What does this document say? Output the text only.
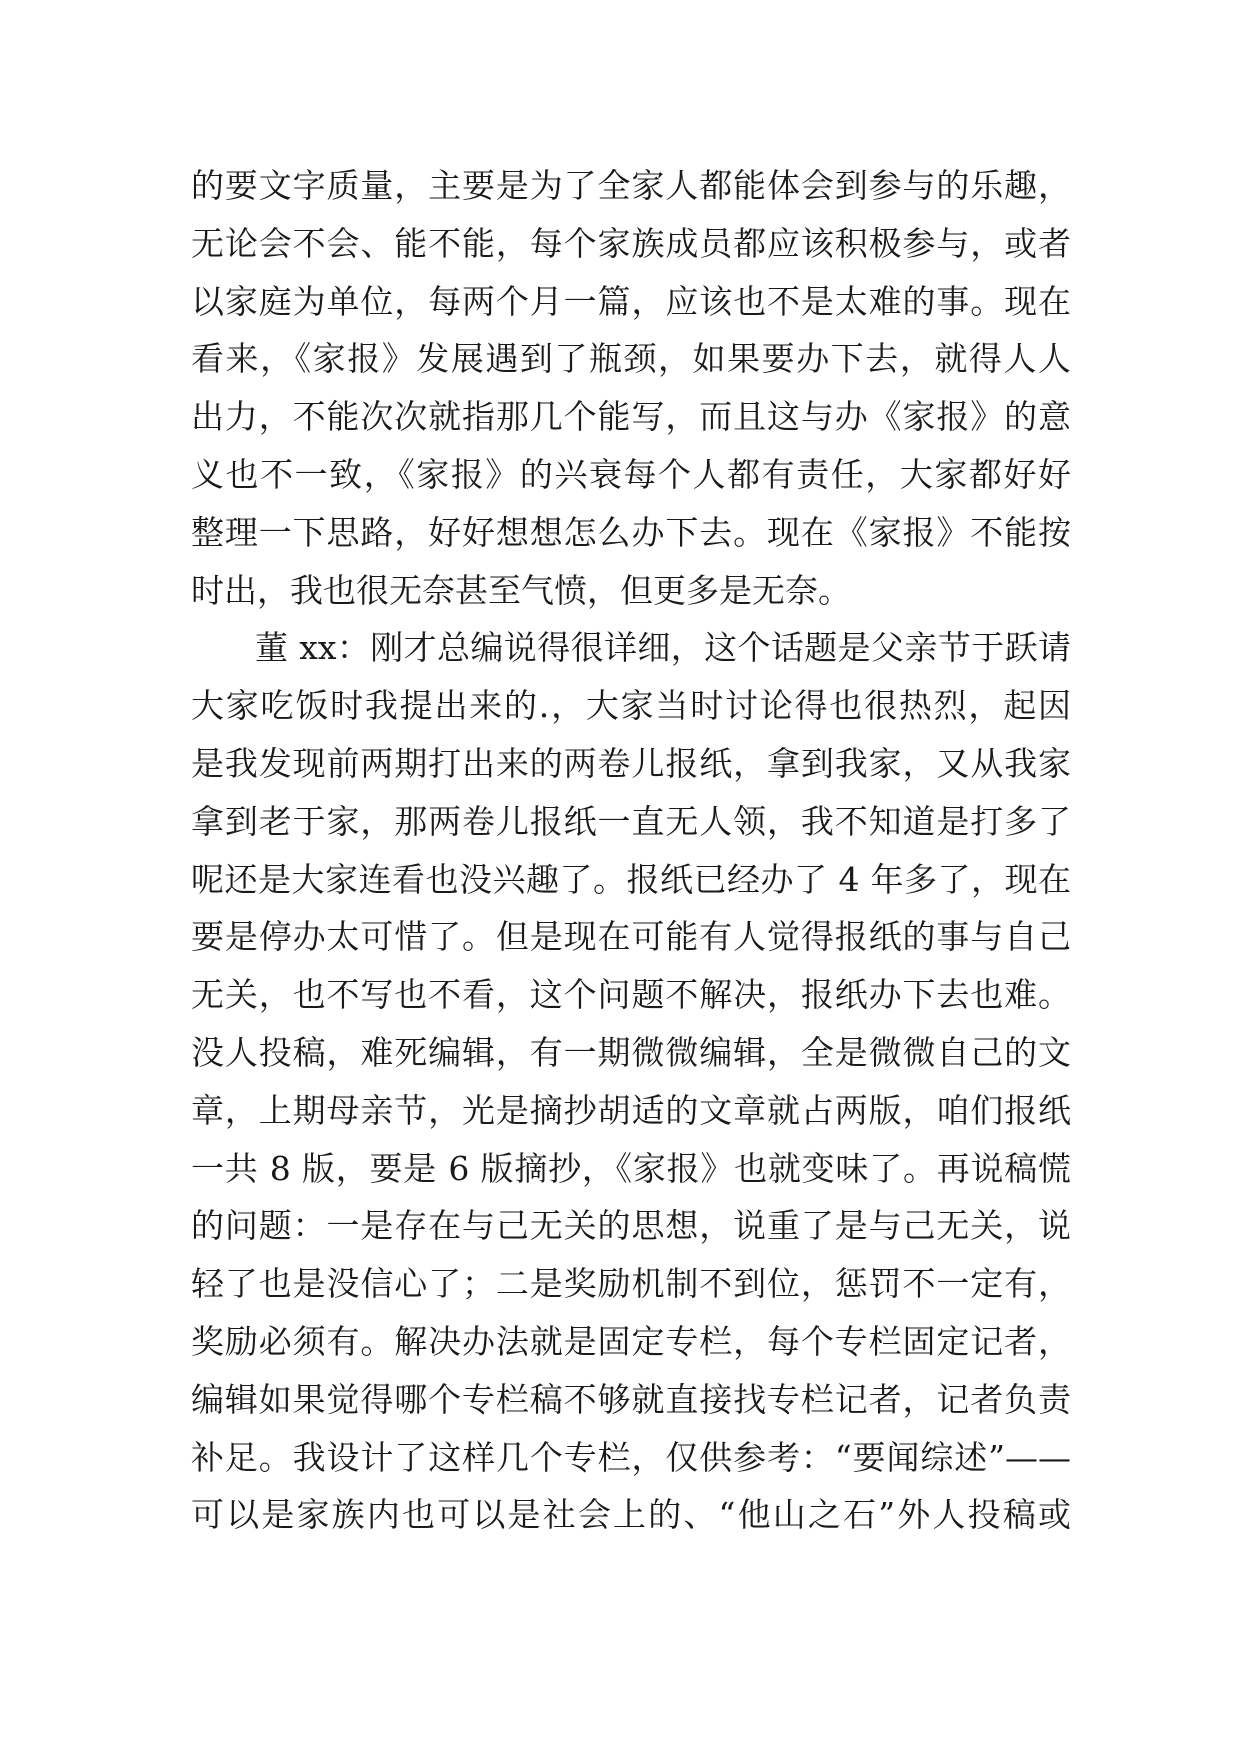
的要文字质量，主要是为了全家人都能体会到参与的乐趣，
无论会不会、能不能，每个家族成员都应该积极参与，或者
以家庭为单位，每两个月一篇，应该也不是太难的事。现在
看来，《家报》发展遇到了瓶颈，如果要办下去，就得人人
出力，不能次次就指那几个能写，而且这与办《家报》的意
义也不一致，《家报》的兴衰每个人都有责任，大家都好好
整理一下思路，好好想想怎么办下去。现在《家报》不能按
时出，我也很无奈甚至气愤，但更多是无奈。
董 xx：刚才总编说得很详细，这个话题是父亲节于跃请
大家吃饭时我提出来的.，大家当时讨论得也很热烈，起因
是我发现前两期打出来的两卷儿报纸，拿到我家，又从我家
拿到老于家，那两卷儿报纸一直无人领，我不知道是打多了
呢还是大家连看也没兴趣了。报纸已经办了 4 年多了，现在
要是停办太可惜了。但是现在可能有人觉得报纸的事与自己
无关，也不写也不看，这个问题不解决，报纸办下去也难。
没人投稿，难死编辑，有一期微微编辑，全是微微自己的文
章，上期母亲节，光是摘抄胡适的文章就占两版，咱们报纸
一共 8 版，要是 6 版摘抄，《家报》也就变味了。再说稿慌
的问题：一是存在与己无关的思想，说重了是与己无关，说
轻了也是没信心了；二是奖励机制不到位，惩罚不一定有，
奖励必须有。解决办法就是固定专栏，每个专栏固定记者，
编辑如果觉得哪个专栏稿不够就直接找专栏记者，记者负责
补足。我设计了这样几个专栏，仅供参考：“要闻综述”——
可以是家族内也可以是社会上的、“他山之石”外人投稿或
